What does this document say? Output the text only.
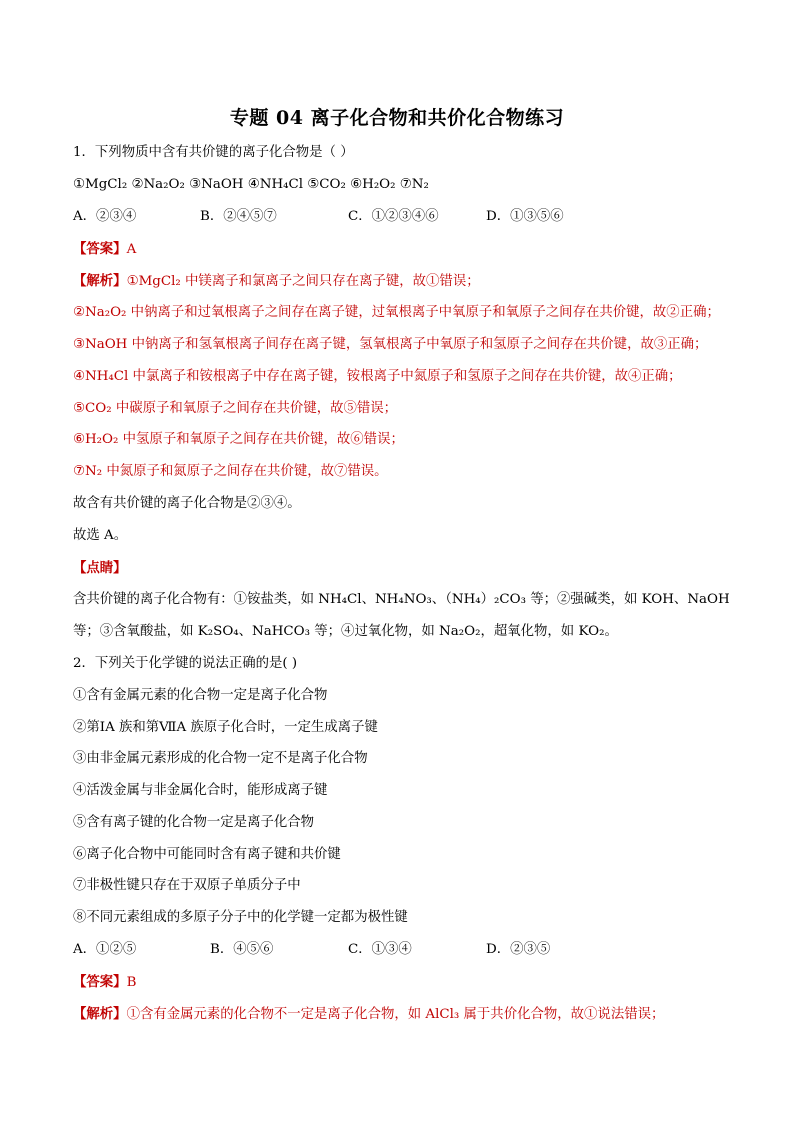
专题 04 离子化合物和共价化合物练习
1．下列物质中含有共价键的离子化合物是（ ）
①MgCl₂ ②Na₂O₂ ③NaOH ④NH₄Cl ⑤CO₂ ⑥H₂O₂ ⑦N₂
A．②③④	B．②④⑤⑦	C．①②③④⑥	D．①③⑤⑥
【答案】A
【解析】①MgCl₂ 中镁离子和氯离子之间只存在离子键，故①错误；
②Na₂O₂ 中钠离子和过氧根离子之间存在离子键，过氧根离子中氧原子和氧原子之间存在共价键，故②正确；
③NaOH 中钠离子和氢氧根离子间存在离子键，氢氧根离子中氧原子和氢原子之间存在共价键，故③正确；
④NH₄Cl 中氯离子和铵根离子中存在离子键，铵根离子中氮原子和氢原子之间存在共价键，故④正确；
⑤CO₂ 中碳原子和氧原子之间存在共价键，故⑤错误；
⑥H₂O₂ 中氢原子和氧原子之间存在共价键，故⑥错误；
⑦N₂ 中氮原子和氮原子之间存在共价键，故⑦错误。
故含有共价键的离子化合物是②③④。
故选 A。
【点睛】
含共价键的离子化合物有：①铵盐类，如 NH₄Cl、NH₄NO₃、（NH₄）₂CO₃ 等；②强碱类，如 KOH、NaOH
等；③含氧酸盐，如 K₂SO₄、NaHCO₃ 等；④过氧化物，如 Na₂O₂，超氧化物，如 KO₂。
2．下列关于化学键的说法正确的是( )
①含有金属元素的化合物一定是离子化合物
②第ⅠA 族和第ⅦA 族原子化合时，一定生成离子键
③由非金属元素形成的化合物一定不是离子化合物
④活泼金属与非金属化合时，能形成离子键
⑤含有离子键的化合物一定是离子化合物
⑥离子化合物中可能同时含有离子键和共价键
⑦非极性键只存在于双原子单质分子中
⑧不同元素组成的多原子分子中的化学键一定都为极性键
A．①②⑤	B．④⑤⑥	C．①③④	D．②③⑤
【答案】B
【解析】①含有金属元素的化合物不一定是离子化合物，如 AlCl₃ 属于共价化合物，故①说法错误；
